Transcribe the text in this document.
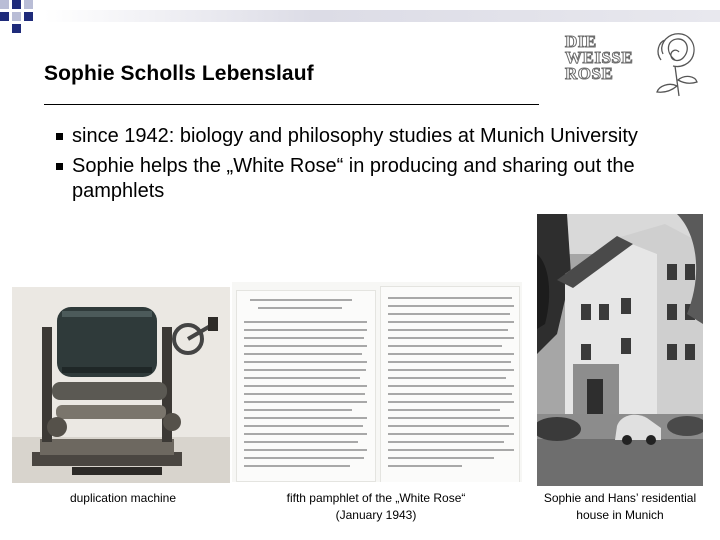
Sophie Scholls Lebenslauf
DIE
WEISSE
ROSE
since 1942: biology and philosophy studies at Munich University
Sophie helps the „White Rose“ in producing and sharing out the pamphlets
duplication machine	fifth pamphlet of the „White Rose“
(January 1943)
Sophie and Hans’ residential
house in Munich
